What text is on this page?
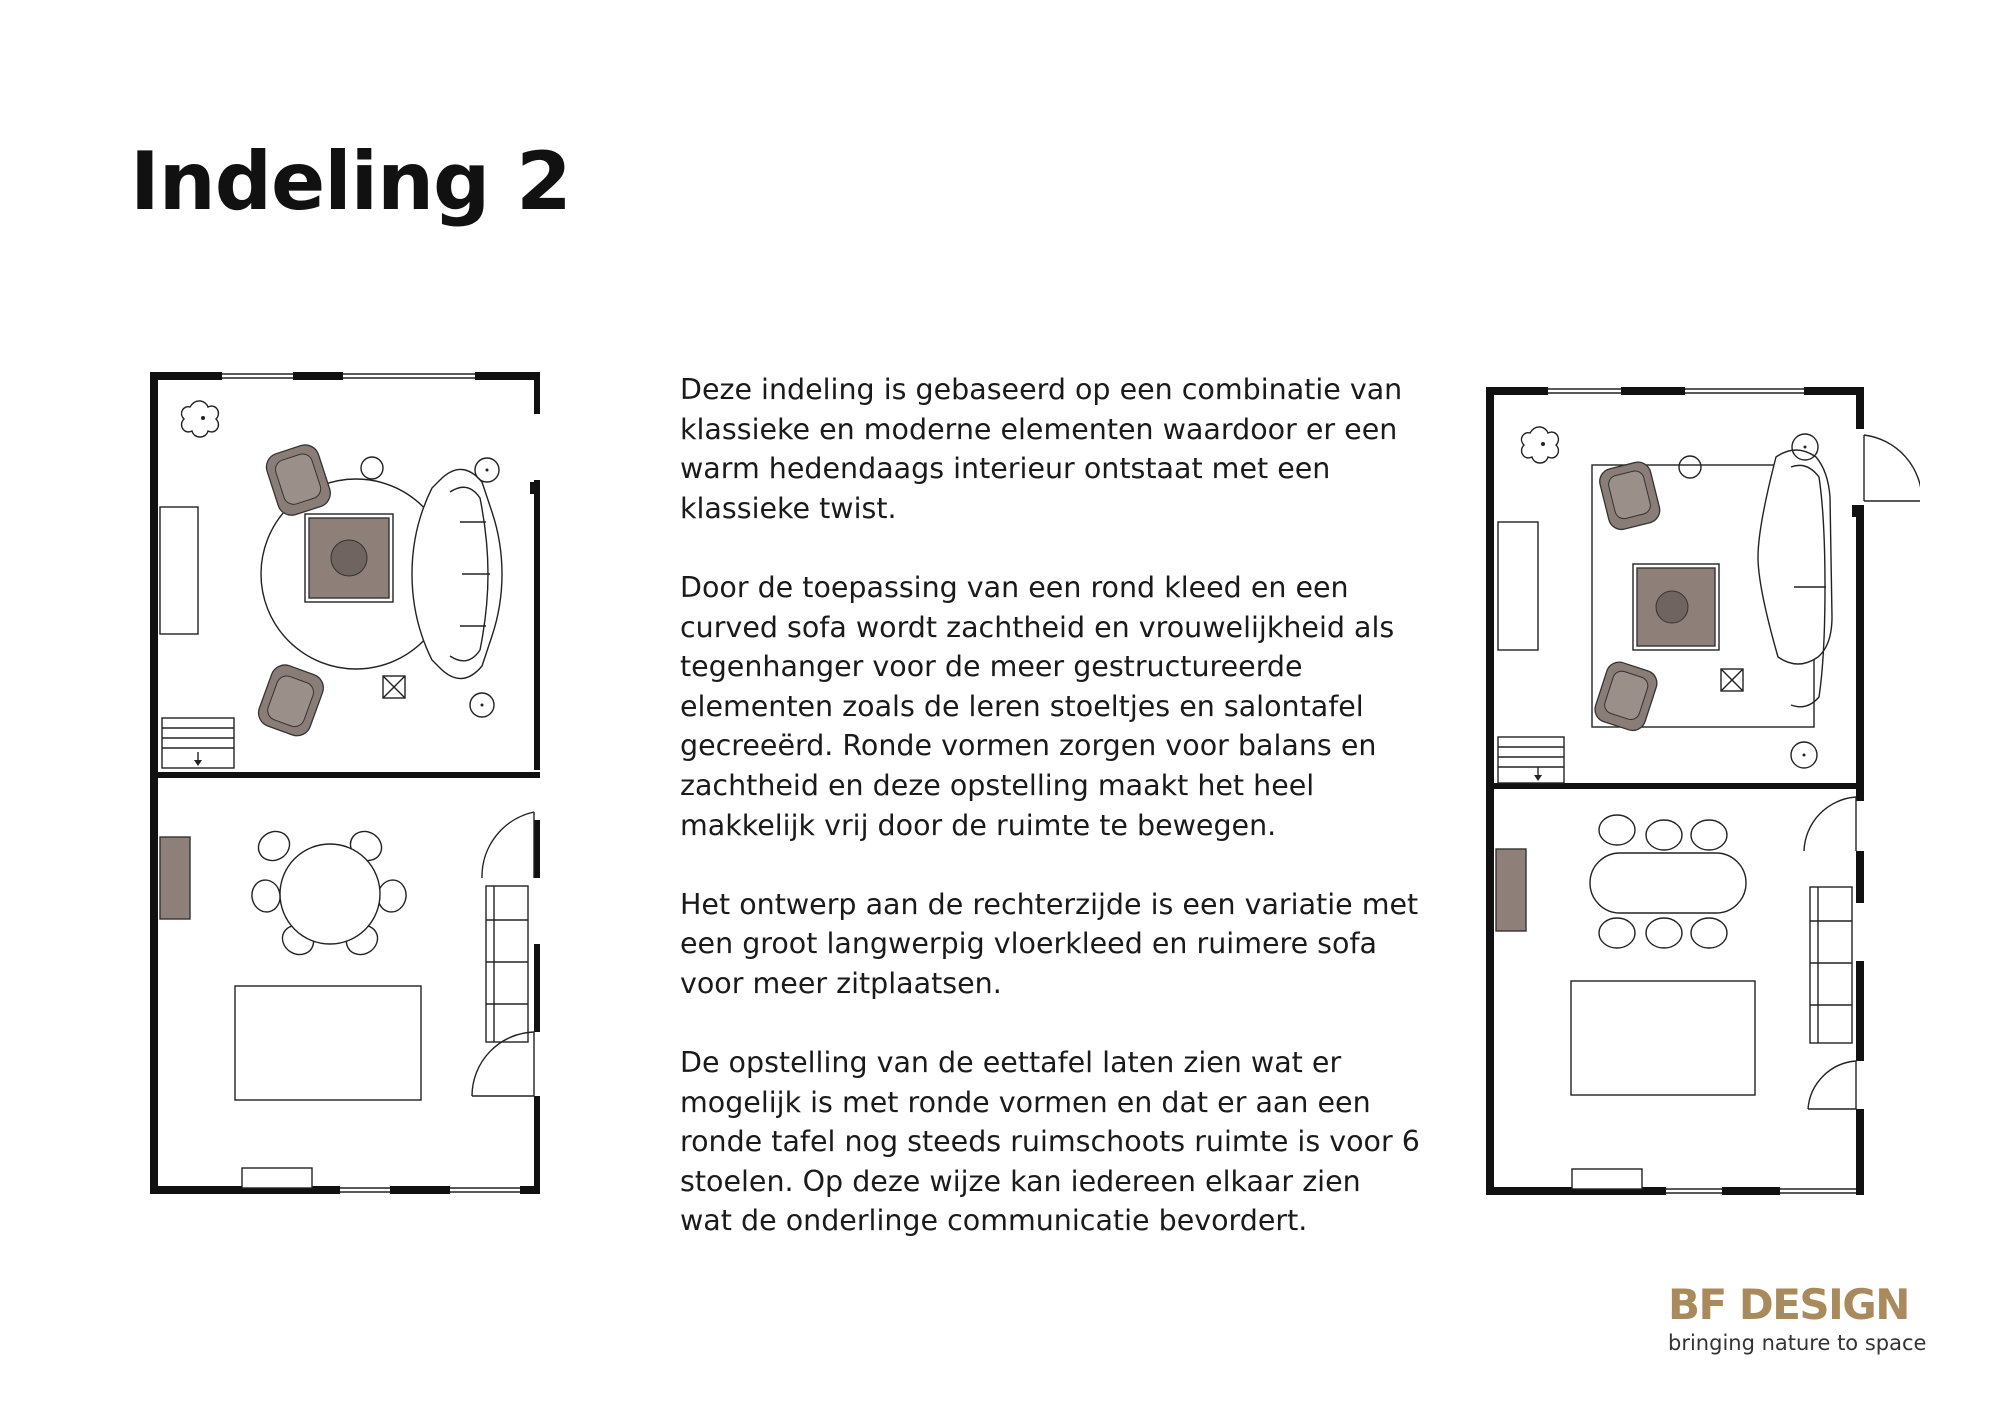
Indeling 2

Deze indeling is gebaseerd op een combinatie van klassieke en moderne elementen waardoor er een warm hedendaags interieur ontstaat met een klassieke twist.

Door de toepassing van een rond kleed en een curved sofa wordt zachtheid en vrouwelijkheid als tegenhanger voor de meer gestructureerde elementen zoals de leren stoeltjes en salontafel gecreeërd. Ronde vormen zorgen voor balans en zachtheid en deze opstelling maakt het heel makkelijk vrij door de ruimte te bewegen.

Het ontwerp aan de rechterzijde is een variatie met een groot langwerpig vloerkleed en ruimere sofa voor meer zitplaatsen.

De opstelling van de eettafel laten zien wat er mogelijk is met ronde vormen en dat er aan een ronde tafel nog steeds ruimschoots ruimte is voor 6 stoelen. Op deze wijze kan iedereen elkaar zien wat de onderlinge communicatie bevordert.

BF DESIGN
bringing nature to space
